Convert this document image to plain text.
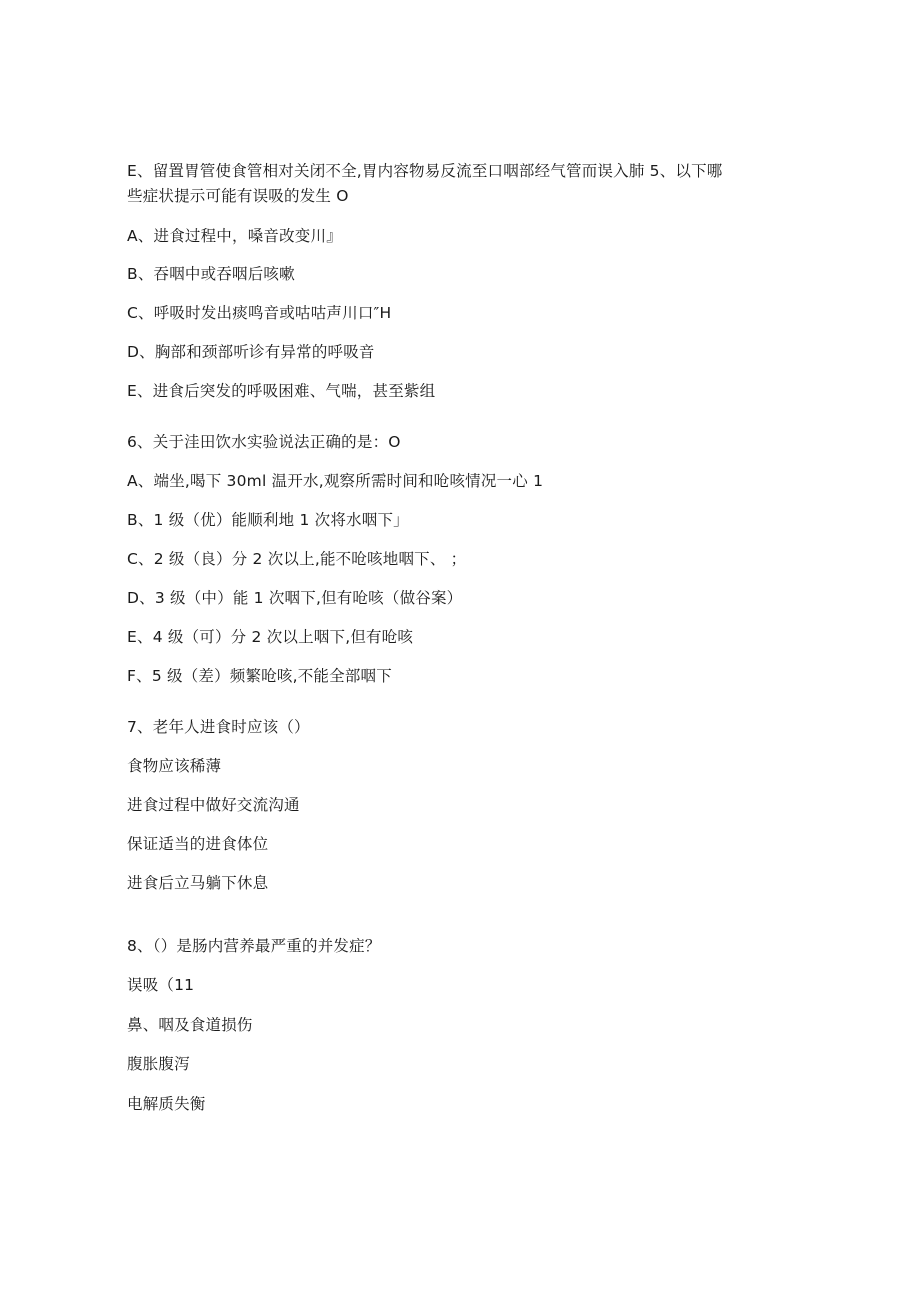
E、留置胃管使食管相对关闭不全,胃内容物易反流至口咽部经气管而误入肺 5、以下哪
些症状提示可能有误吸的发生 O
A、进食过程中，嗓音改变川』
B、吞咽中或吞咽后咳嗽
C、呼吸时发出痰鸣音或咕咕声川口″H
D、胸部和颈部听诊有异常的呼吸音
E、进食后突发的呼吸困难、气喘，甚至紫组
6、关于洼田饮水实验说法正确的是：O
A、端坐,喝下 30ml 温开水,观察所需时间和呛咳情况一心 1
B、1 级（优）能顺利地 1 次将水咽下」
C、2 级（良）分 2 次以上,能不呛咳地咽下、 ；
D、3 级（中）能 1 次咽下,但有呛咳（做谷案）
E、4 级（可）分 2 次以上咽下,但有呛咳
F、5 级（差）频繁呛咳,不能全部咽下
7、老年人进食时应该（）
食物应该稀薄
进食过程中做好交流沟通
保证适当的进食体位
进食后立马躺下休息
8、（）是肠内营养最严重的并发症？
误吸（11
鼻、咽及食道损伤
腹胀腹泻
电解质失衡
